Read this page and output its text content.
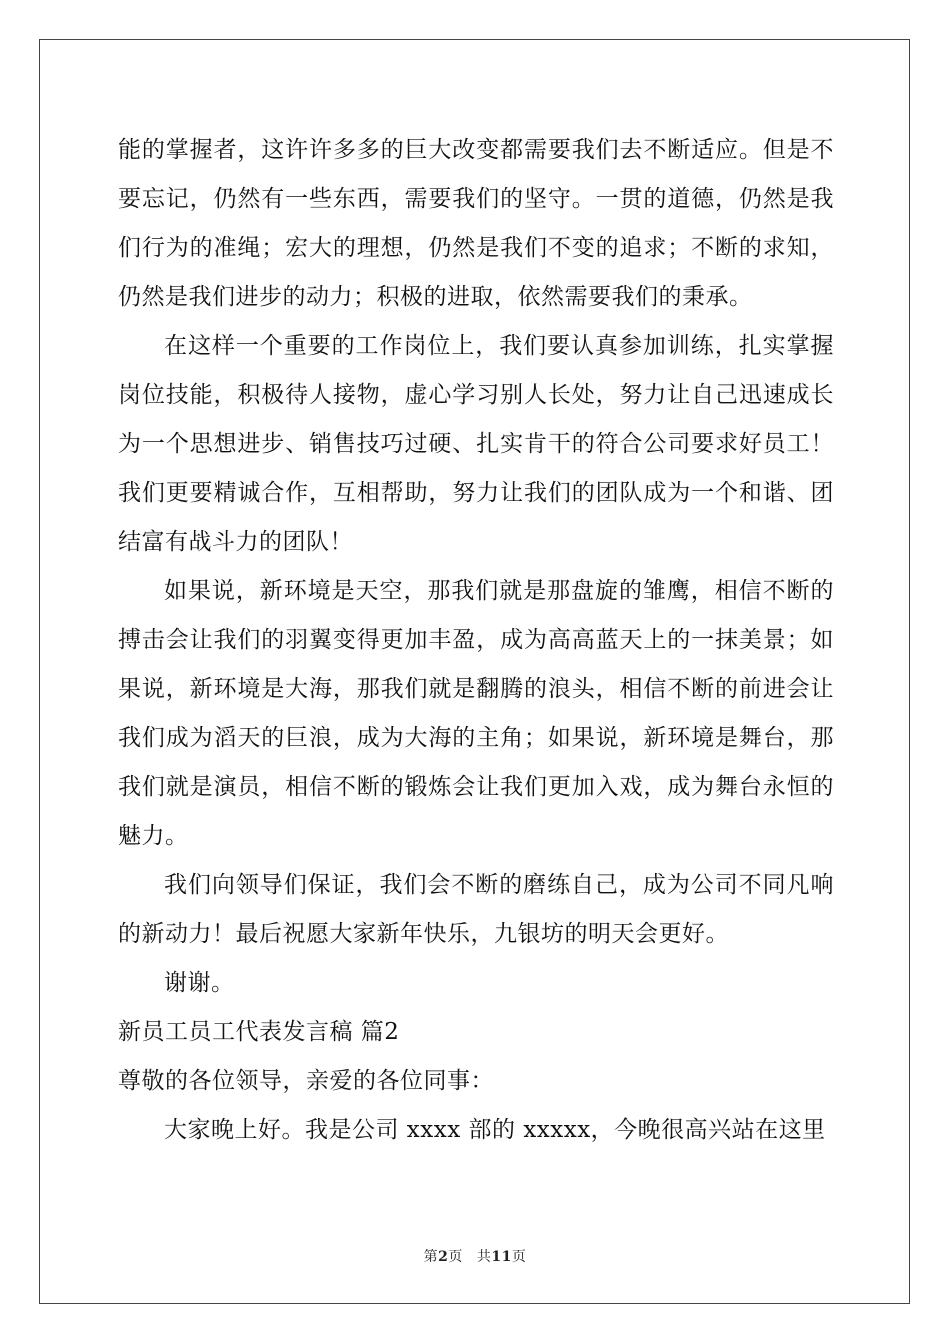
能的掌握者，这许许多多的巨大改变都需要我们去不断适应。但是不要忘记，仍然有一些东西，需要我们的坚守。一贯的道德，仍然是我们行为的准绳；宏大的理想，仍然是我们不变的追求；不断的求知，仍然是我们进步的动力；积极的进取，依然需要我们的秉承。

在这样一个重要的工作岗位上，我们要认真参加训练，扎实掌握岗位技能，积极待人接物，虚心学习别人长处，努力让自己迅速成长为一个思想进步、销售技巧过硬、扎实肯干的符合公司要求好员工！我们更要精诚合作，互相帮助，努力让我们的团队成为一个和谐、团结富有战斗力的团队！

如果说，新环境是天空，那我们就是那盘旋的雏鹰，相信不断的搏击会让我们的羽翼变得更加丰盈，成为高高蓝天上的一抹美景；如果说，新环境是大海，那我们就是翻腾的浪头，相信不断的前进会让我们成为滔天的巨浪，成为大海的主角；如果说，新环境是舞台，那我们就是演员，相信不断的锻炼会让我们更加入戏，成为舞台永恒的魅力。

我们向领导们保证，我们会不断的磨练自己，成为公司不同凡响的新动力！最后祝愿大家新年快乐，九银坊的明天会更好。

谢谢。

新员工员工代表发言稿 篇2

尊敬的各位领导，亲爱的各位同事：

大家晚上好。我是公司 xxxx 部的 xxxxx，今晚很高兴站在这里

第2页 共11页
